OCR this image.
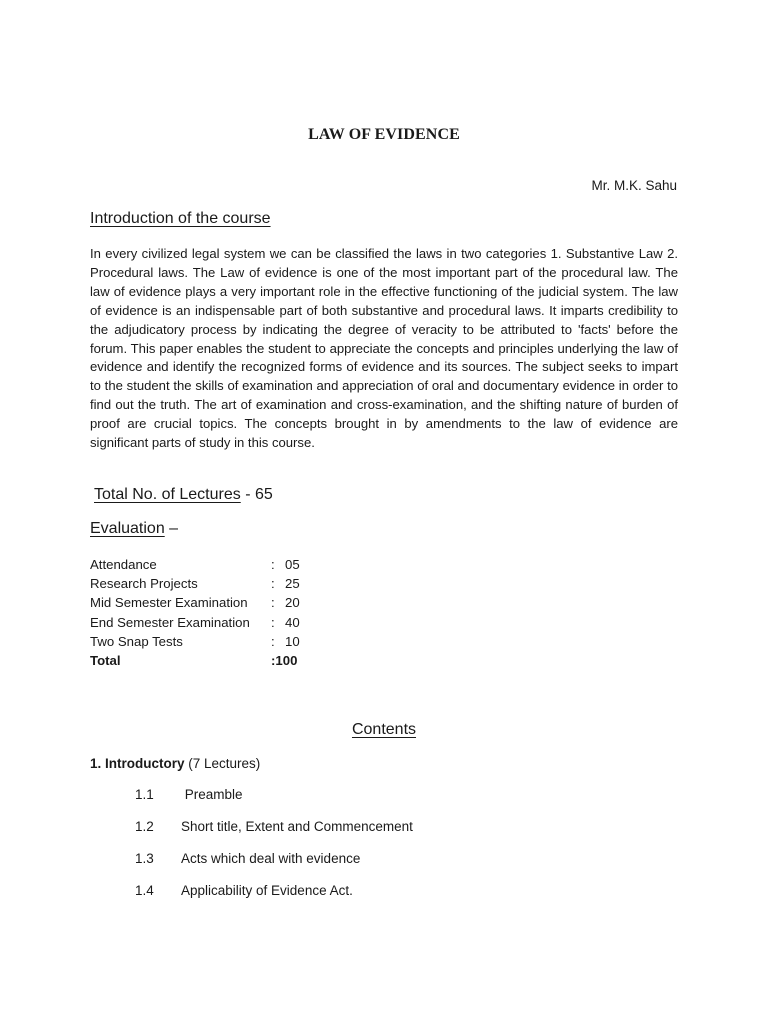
LAW OF EVIDENCE
Mr. M.K. Sahu
Introduction of the course
In every civilized legal system we can be classified the laws in two categories 1. Substantive Law 2. Procedural laws. The Law of evidence is one of the most important part of the procedural law. The law of evidence plays a very important role in the effective functioning of the judicial system. The law of evidence is an indispensable part of both substantive and procedural laws. It imparts credibility to the adjudicatory process by indicating the degree of veracity to be attributed to 'facts' before the forum. This paper enables the student to appreciate the concepts and principles underlying the law of evidence and identify the recognized forms of evidence and its sources. The subject seeks to impart to the student the skills of examination and appreciation of oral and documentary evidence in order to find out the truth. The art of examination and cross-examination, and the shifting nature of burden of proof are crucial topics. The concepts brought in by amendments to the law of evidence are significant parts of study in this course.
Total No. of Lectures - 65
Evaluation –
Attendance	:	05
Research Projects	:	25
Mid Semester Examination	:	20
End Semester Examination	:	40
Two Snap Tests	:	10
Total	:100	
Contents
1. Introductory (7 Lectures)
1.1 Preamble
1.2 Short title, Extent and Commencement
1.3 Acts which deal with evidence
1.4 Applicability of Evidence Act.
